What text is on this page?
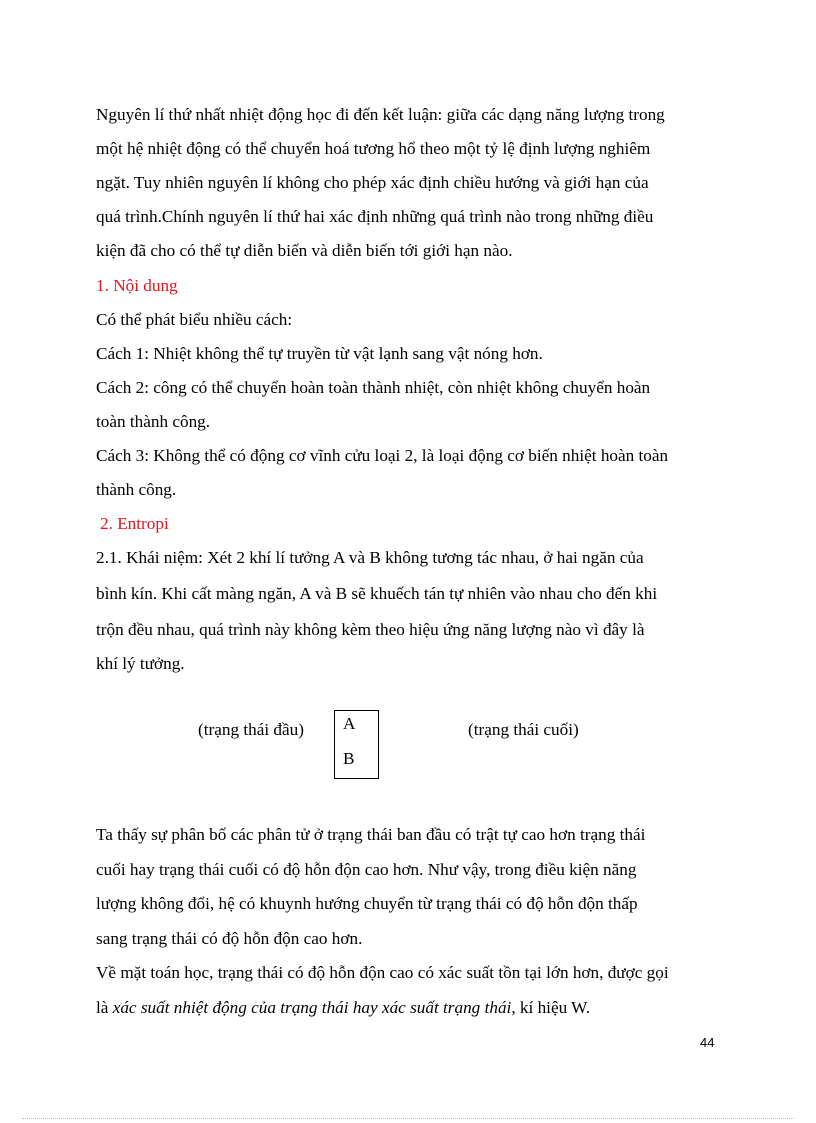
Nguyên lí thứ nhất nhiệt động học đi đến kết luận: giữa các dạng năng lượng trong
một hệ nhiệt động có thể chuyển hoá tương hổ theo một tỷ lệ định lượng nghiêm
ngặt. Tuy nhiên nguyên lí không cho phép xác định chiều hướng và giới hạn của
quá trình.Chính nguyên lí thứ hai xác định những quá trình nào trong những điều
kiện đã cho có thể tự diễn biến và diễn biến tới giới hạn nào.
1. Nội dung
Có thể phát biểu nhiều cách:
Cách 1: Nhiệt không thể tự truyền từ vật lạnh sang vật nóng hơn.
Cách 2: công có thể chuyển hoàn toàn thành nhiệt, còn nhiệt không chuyển hoàn
toàn thành công.
Cách 3: Không thể có động cơ vĩnh cửu loại 2, là loại động cơ biến nhiệt hoàn toàn
thành công.
2. Entropi
2.1. Khái niệm: Xét 2 khí lí tưởng A và B không tương tác nhau, ở hai ngăn của
bình kín. Khi cất màng ngăn, A và B sẽ khuếch tán tự nhiên vào nhau cho đến khi
trộn đều nhau, quá trình này không kèm theo hiệu ứng năng lượng nào vì đây là
khí lý tưởng.
(trạng thái đầu) A
B
(trạng thái cuối)
Ta thấy sự phân bố các phân tử ở trạng thái ban đầu có trật tự cao hơn trạng thái
cuối hay trạng thái cuối có độ hỗn độn cao hơn. Như vậy, trong điều kiện năng
lượng không đổi, hệ có khuynh hướng chuyển từ trạng thái có độ hỗn độn thấp
sang trạng thái có độ hỗn độn cao hơn.
Về mặt toán học, trạng thái có độ hỗn độn cao có xác suất tồn tại lớn hơn, được gọi
là xác suất nhiệt động của trạng thái hay xác suất trạng thái, kí hiệu W.
44
